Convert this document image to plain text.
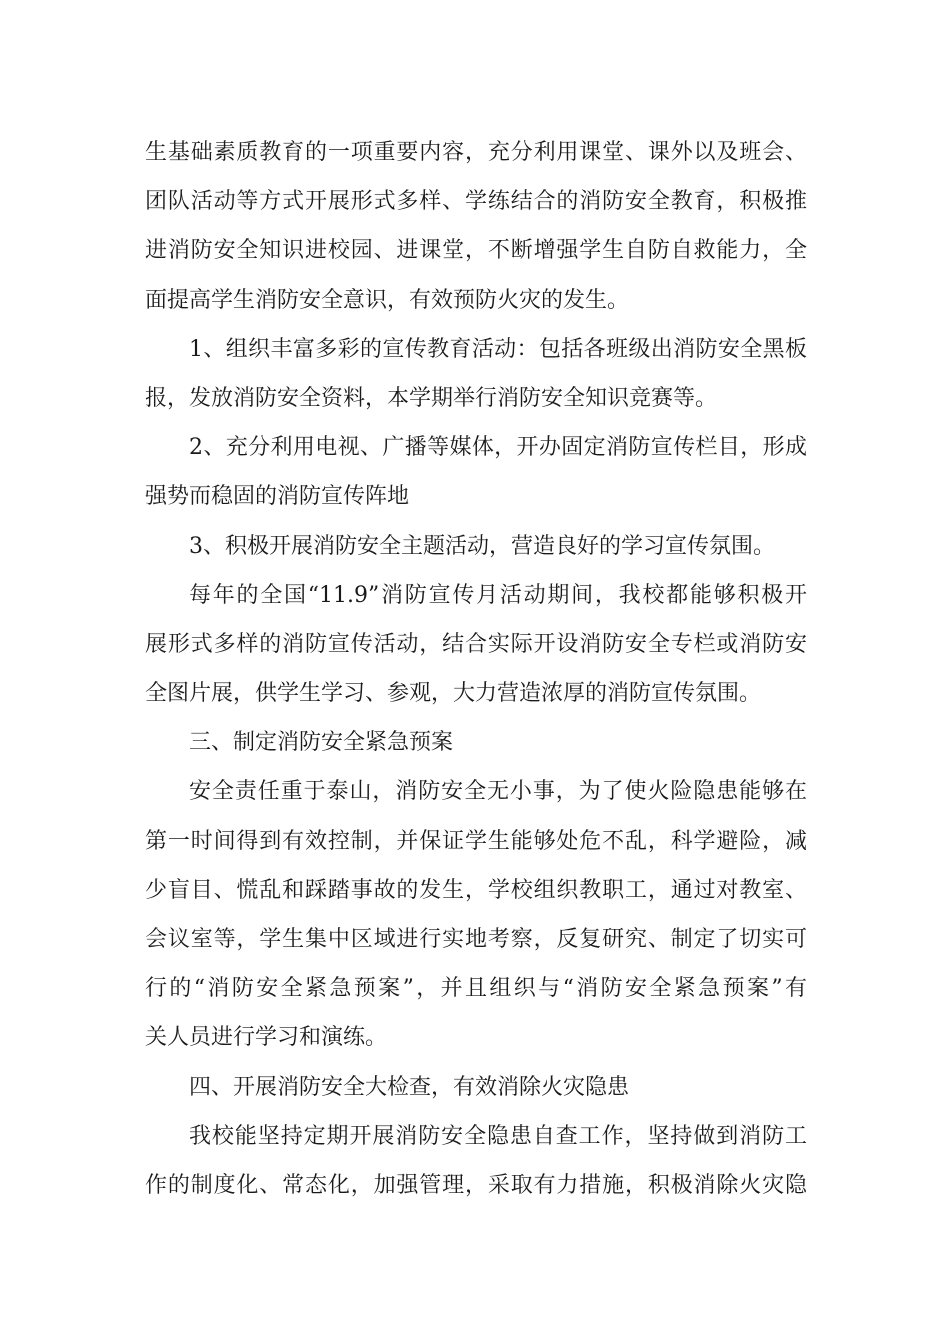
生基础素质教育的一项重要内容，充分利用课堂、课外以及班会、
团队活动等方式开展形式多样、学练结合的消防安全教育，积极推
进消防安全知识进校园、进课堂，不断增强学生自防自救能力，全
面提高学生消防安全意识，有效预防火灾的发生。
1、组织丰富多彩的宣传教育活动：包括各班级出消防安全黑板
报，发放消防安全资料，本学期举行消防安全知识竞赛等。
2、充分利用电视、广播等媒体，开办固定消防宣传栏目，形成
强势而稳固的消防宣传阵地
3、积极开展消防安全主题活动，营造良好的学习宣传氛围。
每年的全国“11.9”消防宣传月活动期间，我校都能够积极开
展形式多样的消防宣传活动，结合实际开设消防安全专栏或消防安
全图片展，供学生学习、参观，大力营造浓厚的消防宣传氛围。
三、制定消防安全紧急预案
安全责任重于泰山，消防安全无小事，为了使火险隐患能够在
第一时间得到有效控制，并保证学生能够处危不乱，科学避险，减
少盲目、慌乱和踩踏事故的发生，学校组织教职工，通过对教室、
会议室等，学生集中区域进行实地考察，反复研究、制定了切实可
行的“消防安全紧急预案”，并且组织与“消防安全紧急预案”有
关人员进行学习和演练。
四、开展消防安全大检查，有效消除火灾隐患
我校能坚持定期开展消防安全隐患自查工作，坚持做到消防工
作的制度化、常态化，加强管理，采取有力措施，积极消除火灾隐
